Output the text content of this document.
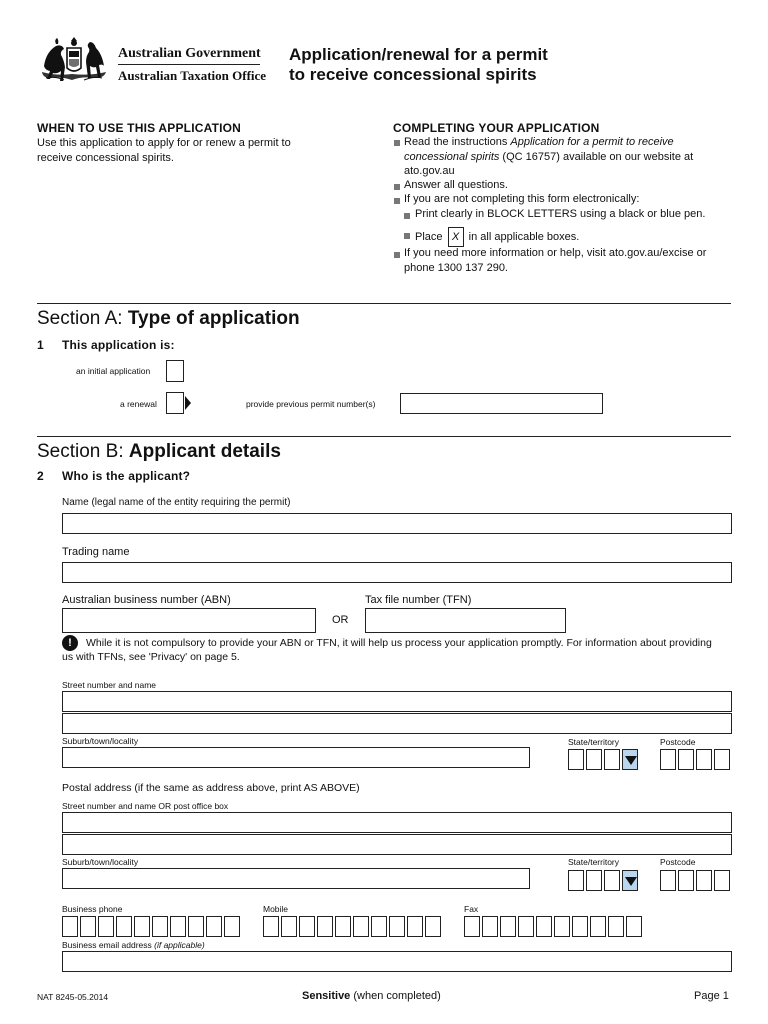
Australian Government
Australian Taxation Office
Application/renewal for a permit
to receive concessional spirits
WHEN TO USE THIS APPLICATION
Use this application to apply for or renew a permit to receive concessional spirits.
COMPLETING YOUR APPLICATION
Read the instructions Application for a permit to receive concessional spirits (QC 16757) available on our website at ato.gov.au
Answer all questions.
If you are not completing this form electronically:
Print clearly in BLOCK LETTERS using a black or blue pen.
Place X in all applicable boxes.
If you need more information or help, visit ato.gov.au/excise or phone 1300 137 290.
Section A: Type of application
1 This application is:
an initial application
a renewal	provide previous permit number(s)
Section B: Applicant details
2 Who is the applicant?
Name (legal name of the entity requiring the permit)
Trading name
Australian business number (ABN)
OR
Tax file number (TFN)
!	While it is not compulsory to provide your ABN or TFN, it will help us process your application promptly. For information about providing us with TFNs, see 'Privacy' on page 5.
Street number and name
Suburb/town/locality	State/territory	Postcode
Postal address (if the same as address above, print AS ABOVE)
Street number and name OR post office box
Suburb/town/locality	State/territory	Postcode
Business phone	Mobile	Fax
Business email address (if applicable)
NAT 8245-05.2014	Sensitive (when completed)	Page 1
